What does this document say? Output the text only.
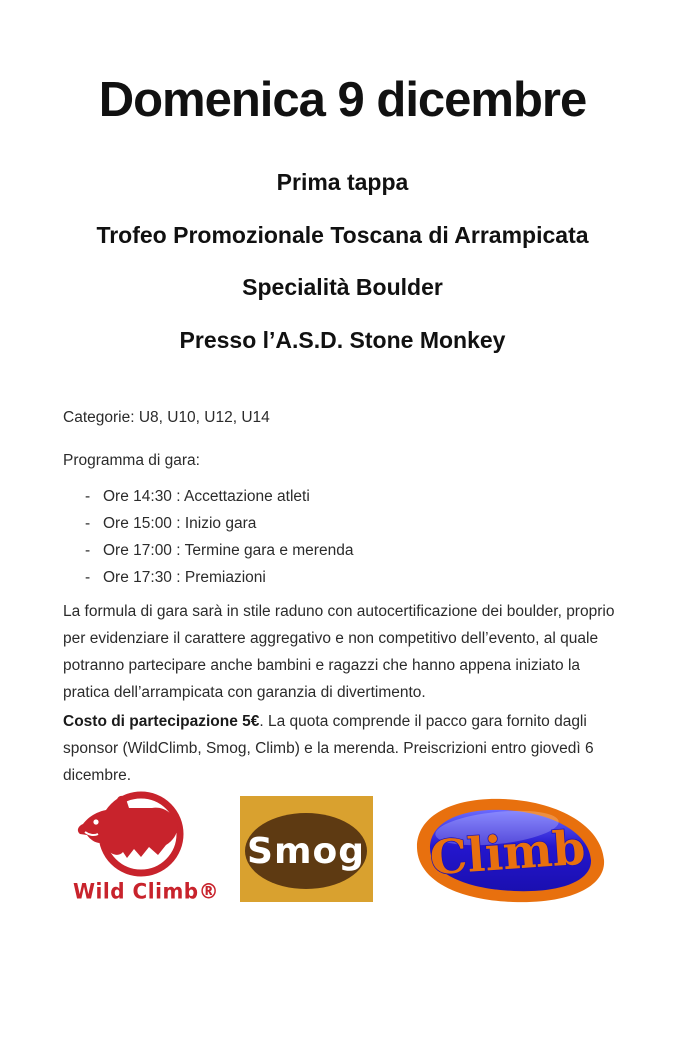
Domenica 9 dicembre
Prima tappa
Trofeo Promozionale Toscana di Arrampicata
Specialità Boulder
Presso l’A.S.D. Stone Monkey
Categorie: U8, U10, U12, U14
Programma di gara:
- Ore 14:30 : Accettazione atleti
- Ore 15:00 : Inizio gara
- Ore 17:00 : Termine gara e merenda
- Ore 17:30 : Premiazioni

La formula di gara sarà in stile raduno con autocertificazione dei boulder, proprio per evidenziare il carattere aggregativo e non competitivo dell’evento, al quale potranno partecipare anche bambini e ragazzi che hanno appena iniziato la pratica dell’arrampicata con garanzia di divertimento.

Costo di partecipazione 5€. La quota comprende il pacco gara fornito dagli sponsor (WildClimb, Smog, Climb) e la merenda. Preiscrizioni entro giovedì 6 dicembre.

Wild Climb®
Smog Climb
